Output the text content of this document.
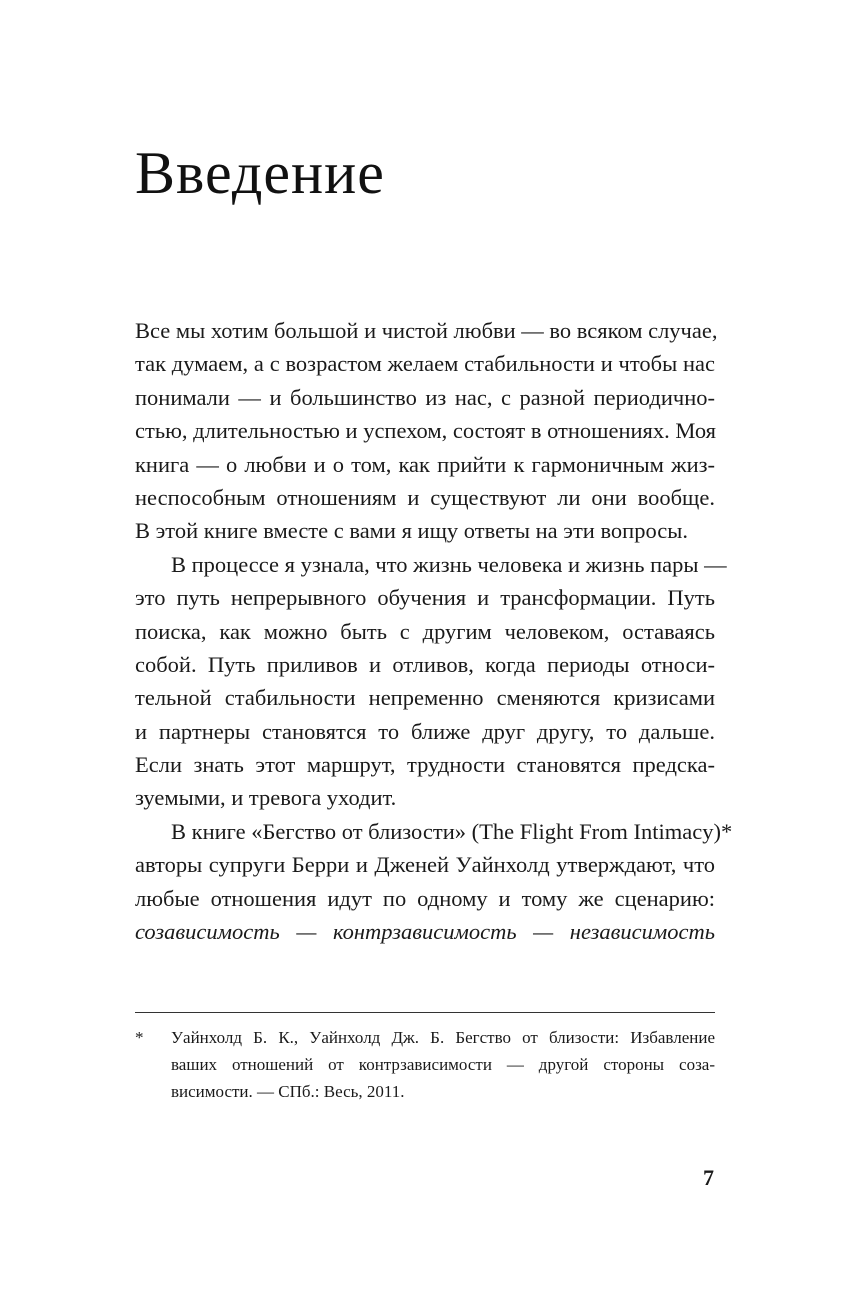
Введение
Все мы хотим большой и чистой любви — во всяком случае,
так думаем, а с возрастом желаем стабильности и чтобы нас
понимали — и большинство из нас, с разной периодично-
стью, длительностью и успехом, состоят в отношениях. Моя
книга — о любви и о том, как прийти к гармоничным жиз-
неспособным отношениям и существуют ли они вообще.
В этой книге вместе с вами я ищу ответы на эти вопросы.
В процессе я узнала, что жизнь человека и жизнь пары —
это путь непрерывного обучения и трансформации. Путь
поиска, как можно быть с другим человеком, оставаясь
собой. Путь приливов и отливов, когда периоды относи-
тельной стабильности непременно сменяются кризисами
и партнеры становятся то ближе друг другу, то дальше.
Если знать этот маршрут, трудности становятся предска-
зуемыми, и тревога уходит.
В книге «Бегство от близости» (The Flight From Intimacy)*
авторы супруги Берри и Дженей Уайнхолд утверждают, что
любые отношения идут по одному и тому же сценарию:
созависимость — контрзависимость — независимость
* Уайнхолд Б. К., Уайнхолд Дж. Б. Бегство от близости: Избавление
ваших отношений от контрзависимости — другой стороны соза-
висимости. — СПб.: Весь, 2011.
7
